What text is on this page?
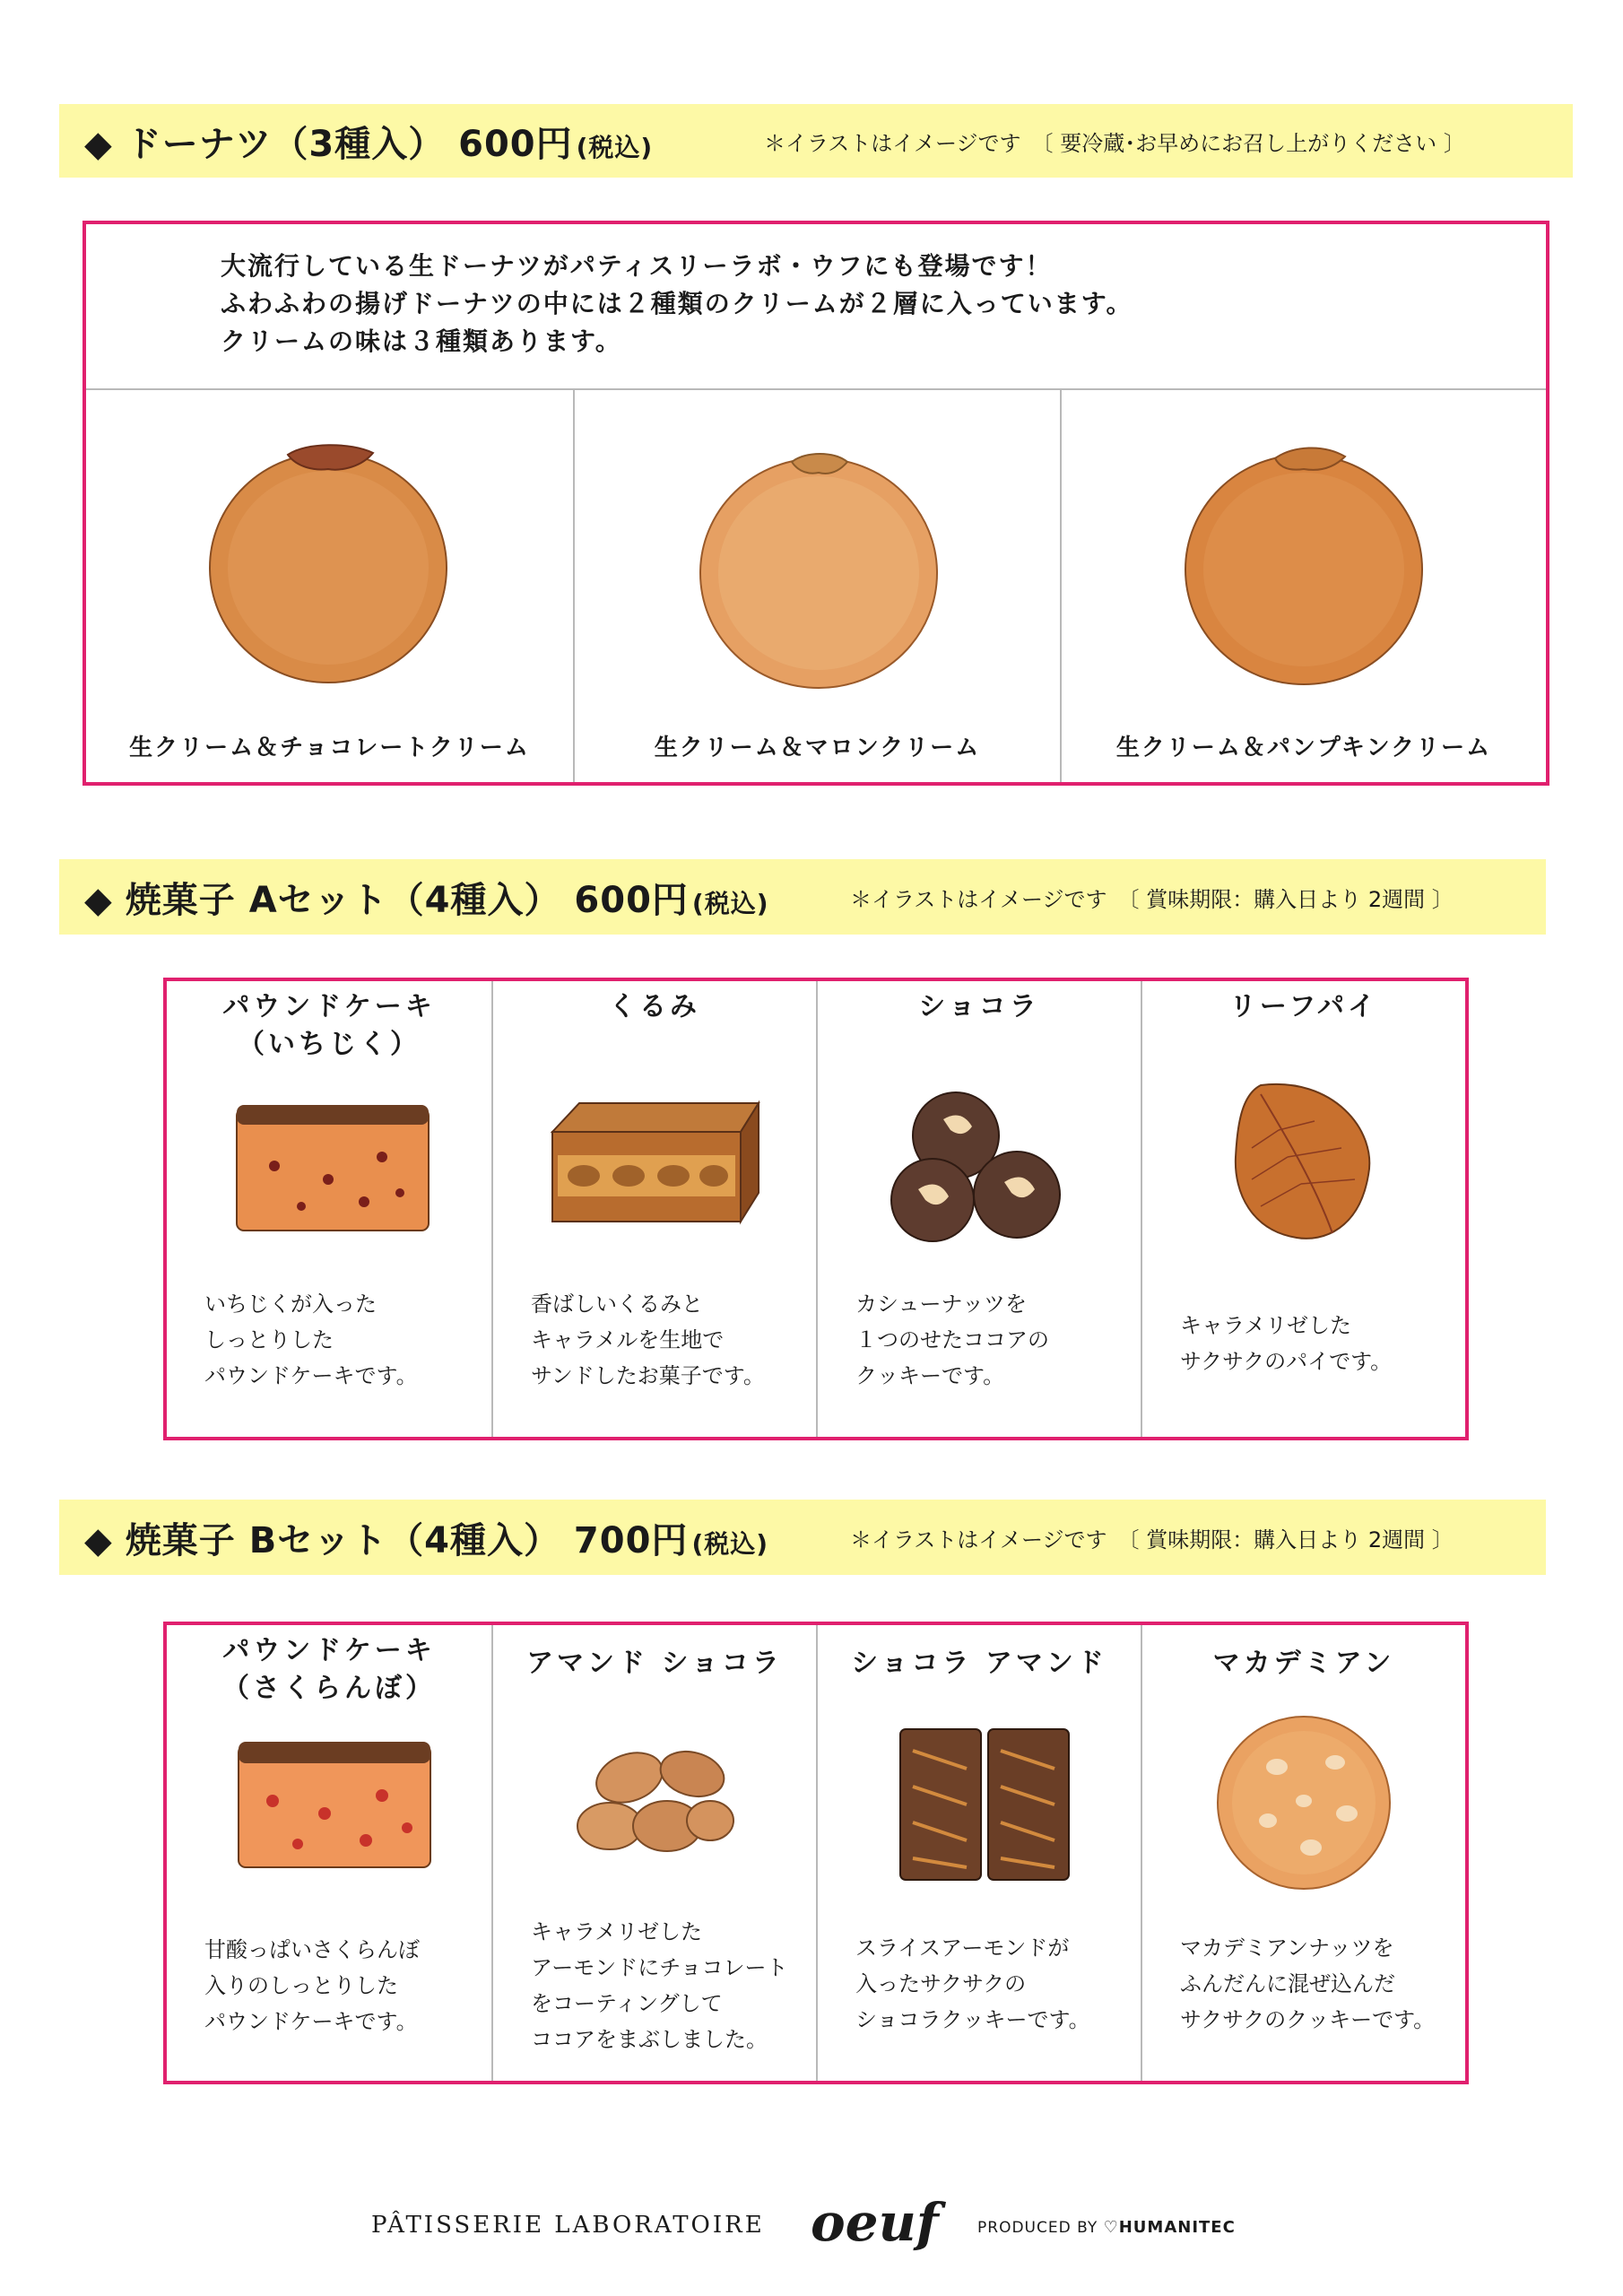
◆ ドーナツ（3種入） 600円 (税込)	＊イラストはイメージです　〔 要冷蔵･お早めにお召し上がりください 〕
大流行している生ドーナツがパティスリーラボ・ウフにも登場です！
ふわふわの揚げドーナツの中には２種類のクリームが２層に入っています。
クリームの味は３種類あります。
生クリーム＆チョコレートクリーム	生クリーム＆マロンクリーム	生クリーム＆パンプキンクリーム
◆ 焼菓子 Aセット（4種入） 600円 (税込)	＊イラストはイメージです　〔 賞味期限：購入日より 2週間 〕
パウンドケーキ
（いちじく）
いちじくが入った
しっとりした
パウンドケーキです。
くるみ
香ばしいくるみと
キャラメルを生地で
サンドしたお菓子です。
ショコラ
カシューナッツを
１つのせたココアの
クッキーです。
リーフパイ
キャラメリゼした
サクサクのパイです。
◆ 焼菓子 Bセット（4種入） 700円 (税込)	＊イラストはイメージです　〔 賞味期限：購入日より 2週間 〕
パウンドケーキ
（さくらんぼ）
甘酸っぱいさくらんぼ
入りのしっとりした
パウンドケーキです。
アマンド ショコラ
キャラメリゼした
アーモンドにチョコレート
をコーティングして
ココアをまぶしました。
ショコラ アマンド
スライスアーモンドが
入ったサクサクの
ショコラクッキーです。
マカデミアン
マカデミアンナッツを
ふんだんに混ぜ込んだ
サクサクのクッキーです。
PÂTISSERIE LABORATOIRE oeuf	PRODUCED BY ♡HUMANITEC
